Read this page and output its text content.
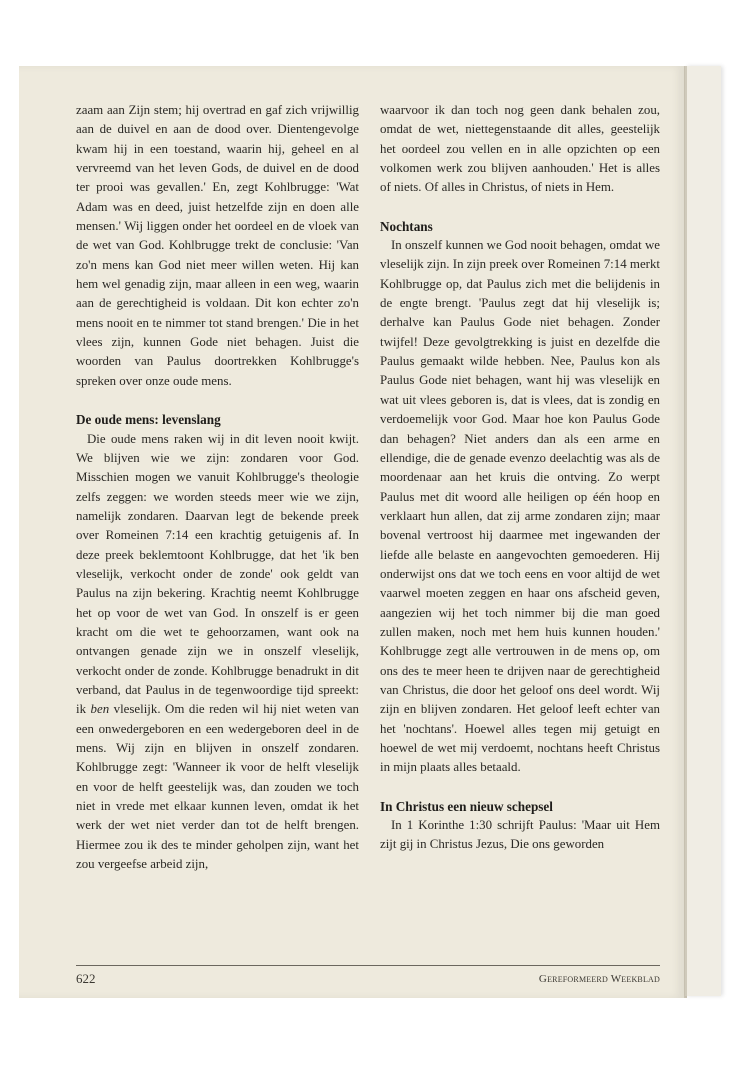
zaam aan Zijn stem; hij overtrad en gaf zich vrijwillig aan de duivel en aan de dood over. Dientengevolge kwam hij in een toestand, waarin hij, geheel en al vervreemd van het leven Gods, de duivel en de dood ter prooi was gevallen.' En, zegt Kohlbrugge: 'Wat Adam was en deed, juist hetzelfde zijn en doen alle mensen.' Wij liggen onder het oordeel en de vloek van de wet van God. Kohlbrugge trekt de conclusie: 'Van zo'n mens kan God niet meer willen weten. Hij kan hem wel genadig zijn, maar alleen in een weg, waarin aan de gerechtigheid is voldaan. Dit kon echter zo'n mens nooit en te nimmer tot stand brengen.' Die in het vlees zijn, kunnen Gode niet behagen. Juist die woorden van Paulus doortrekken Kohlbrugge's spreken over onze oude mens.

De oude mens: levenslang

Die oude mens raken wij in dit leven nooit kwijt. We blijven wie we zijn: zondaren voor God. Misschien mogen we vanuit Kohlbrugge's theologie zelfs zeggen: we worden steeds meer wie we zijn, namelijk zondaren. Daarvan legt de bekende preek over Romeinen 7:14 een krachtig getuigenis af. In deze preek beklemtoont Kohlbrugge, dat het 'ik ben vleselijk, verkocht onder de zonde' ook geldt van Paulus na zijn bekering. Krachtig neemt Kohlbrugge het op voor de wet van God. In onszelf is er geen kracht om die wet te gehoorzamen, want ook na ontvangen genade zijn we in onszelf vleselijk, verkocht onder de zonde. Kohlbrugge benadrukt in dit verband, dat Paulus in de tegenwoordige tijd spreekt: ik ben vleselijk. Om die reden wil hij niet weten van een onwedergeboren en een wedergeboren deel in de mens. Wij zijn en blijven in onszelf zondaren. Kohlbrugge zegt: 'Wanneer ik voor de helft vleselijk en voor de helft geestelijk was, dan zouden we toch niet in vrede met elkaar kunnen leven, omdat ik het werk der wet niet verder dan tot de helft brengen. Hiermee zou ik des te minder geholpen zijn, want het zou vergeefse arbeid zijn,

waarvoor ik dan toch nog geen dank behalen zou, omdat de wet, niettegenstaande dit alles, geestelijk het oordeel zou vellen en in alle opzichten op een volkomen werk zou blijven aanhouden.' Het is alles of niets. Of alles in Christus, of niets in Hem.

Nochtans

In onszelf kunnen we God nooit behagen, omdat we vleselijk zijn. In zijn preek over Romeinen 7:14 merkt Kohlbrugge op, dat Paulus zich met die belijdenis in de engte brengt. 'Paulus zegt dat hij vleselijk is; derhalve kan Paulus Gode niet behagen. Zonder twijfel! Deze gevolgtrekking is juist en dezelfde die Paulus gemaakt wilde hebben. Nee, Paulus kon als Paulus Gode niet behagen, want hij was vleselijk en wat uit vlees geboren is, dat is vlees, dat is zondig en verdoemelijk voor God. Maar hoe kon Paulus Gode dan behagen? Niet anders dan als een arme en ellendige, die de genade evenzo deelachtig was als de moordenaar aan het kruis die ontving. Zo werpt Paulus met dit woord alle heiligen op één hoop en verklaart hun allen, dat zij arme zondaren zijn; maar bovenal vertroost hij daarmee met ingewanden der liefde alle belaste en aangevochten gemoederen. Hij onderwijst ons dat we toch eens en voor altijd de wet vaarwel moeten zeggen en haar ons afscheid geven, aangezien wij het toch nimmer bij die man goed zullen maken, noch met hem huis kunnen houden.' Kohlbrugge zegt alle vertrouwen in de mens op, om ons des te meer heen te drijven naar de gerechtigheid van Christus, die door het geloof ons deel wordt. Wij zijn en blijven zondaren. Het geloof leeft echter van het 'nochtans'. Hoewel alles tegen mij getuigt en hoewel de wet mij verdoemt, nochtans heeft Christus in mijn plaats alles betaald.

In Christus een nieuw schepsel

In 1 Korinthe 1:30 schrijft Paulus: 'Maar uit Hem zijt gij in Christus Jezus, Die ons geworden

622	Gereformeerd Weekblad
